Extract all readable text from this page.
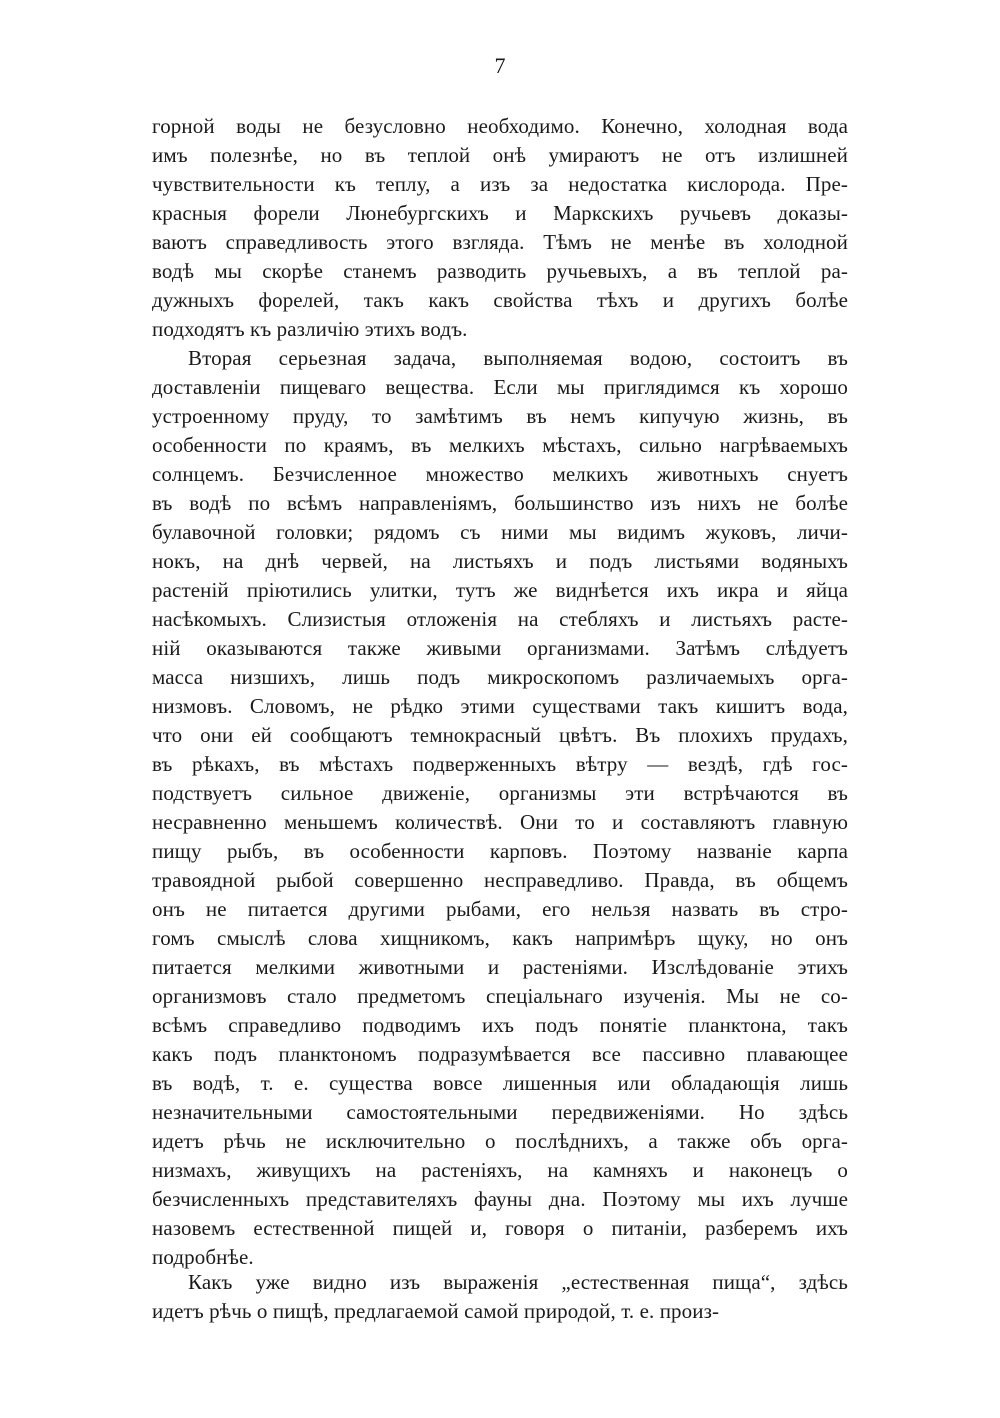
7
горной воды не безусловно необходимо. Конечно, холодная вода
имъ полезнѣе, но въ теплой онѣ умираютъ не отъ излишней
чувствительности къ теплу, а изъ за недостатка кислорода. Пре-
красныя форели Люнебургскихъ и Маркскихъ ручьевъ доказы-
ваютъ справедливость этого взгляда. Тѣмъ не менѣе въ холодной
водѣ мы скорѣе станемъ разводить ручьевыхъ, а въ теплой ра-
дужныхъ форелей, такъ какъ свойства тѣхъ и другихъ болѣе
подходятъ къ различію этихъ водъ.
Вторая серьезная задача, выполняемая водою, состоитъ въ
доставленіи пищеваго вещества. Если мы приглядимся къ хорошо
устроенному пруду, то замѣтимъ въ немъ кипучую жизнь, въ
особенности по краямъ, въ мелкихъ мѣстахъ, сильно нагрѣваемыхъ
солнцемъ. Безчисленное множество мелкихъ животныхъ снуетъ
въ водѣ по всѣмъ направленіямъ, большинство изъ нихъ не болѣе
булавочной головки; рядомъ съ ними мы видимъ жуковъ, личи-
нокъ, на днѣ червей, на листьяхъ и подъ листьями водяныхъ
растеній пріютились улитки, тутъ же виднѣется ихъ икра и яйца
насѣкомыхъ. Слизистыя отложенія на стебляхъ и листьяхъ расте-
ній оказываются также живыми организмами. Затѣмъ слѣдуетъ
масса низшихъ, лишь подъ микроскопомъ различаемыхъ орга-
низмовъ. Словомъ, не рѣдко этими существами такъ кишитъ вода,
что они ей сообщаютъ темнокрасный цвѣтъ. Въ плохихъ прудахъ,
въ рѣкахъ, въ мѣстахъ подверженныхъ вѣтру — вездѣ, гдѣ гос-
подствуетъ сильное движеніе, организмы эти встрѣчаются въ
несравненно меньшемъ количествѣ. Они то и составляютъ главную
пищу рыбъ, въ особенности карповъ. Поэтому названіе карпа
травоядной рыбой совершенно несправедливо. Правда, въ общемъ
онъ не питается другими рыбами, его нельзя назвать въ стро-
гомъ смыслѣ слова хищникомъ, какъ напримѣръ щуку, но онъ
питается мелкими животными и растеніями. Изслѣдованіе этихъ
организмовъ стало предметомъ спеціальнаго изученія. Мы не со-
всѣмъ справедливо подводимъ ихъ подъ понятіе планктона, такъ
какъ подъ планктономъ подразумѣвается все пассивно плавающее
въ водѣ, т. е. существа вовсе лишенныя или обладающія лишь
незначительными самостоятельными передвиженіями. Но здѣсь
идетъ рѣчь не исключительно о послѣднихъ, а также объ орга-
низмахъ, живущихъ на растеніяхъ, на камняхъ и наконецъ о
безчисленныхъ представителяхъ фауны дна. Поэтому мы ихъ лучше
назовемъ естественной пищей и, говоря о питаніи, разберемъ ихъ
подробнѣе.
Какъ уже видно изъ выраженія „естественная пища“, здѣсь
идетъ рѣчь о пищѣ, предлагаемой самой природой, т. е. произ-
